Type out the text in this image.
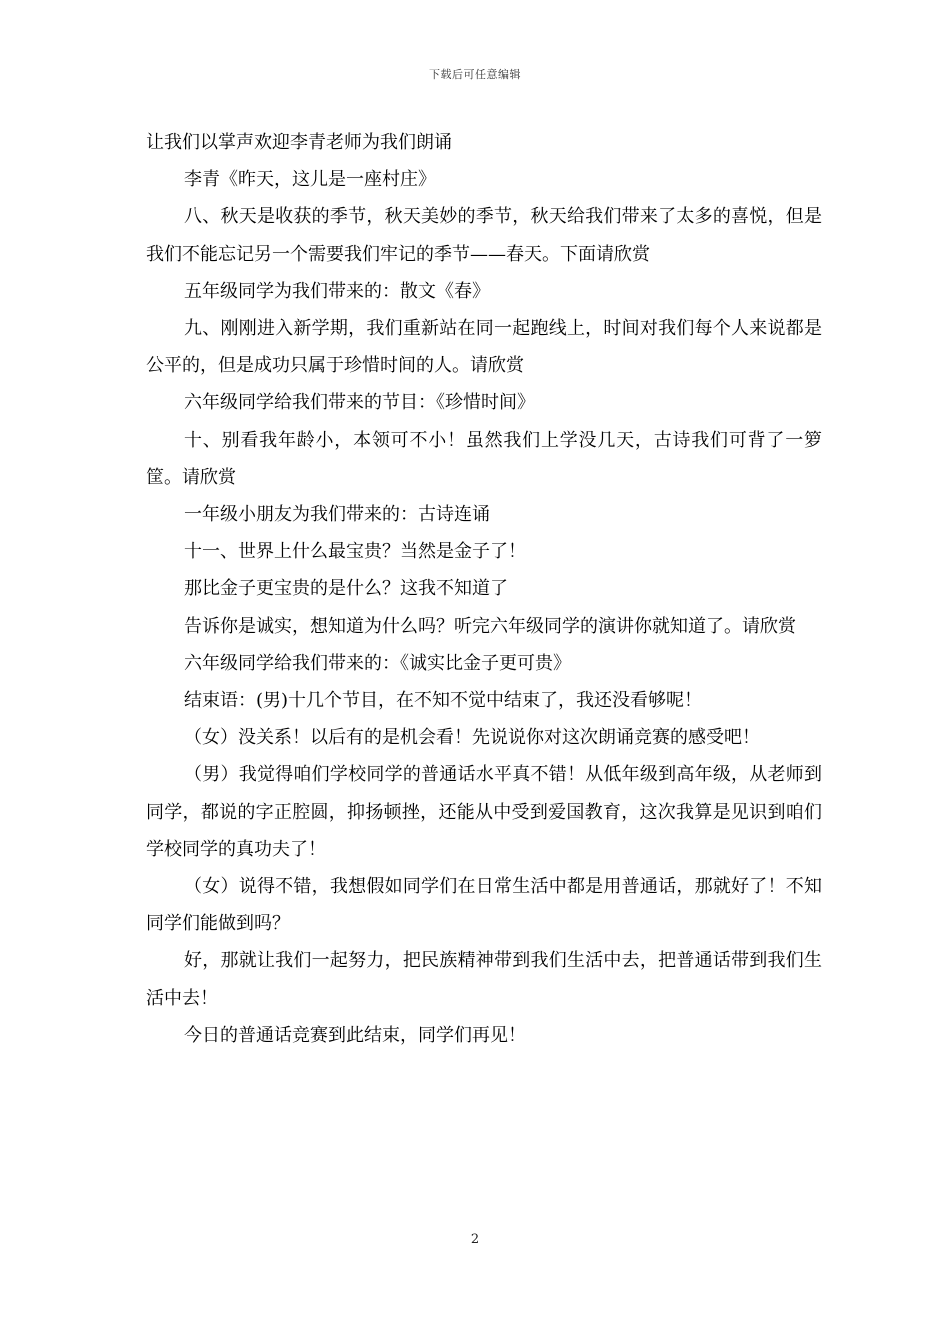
下载后可任意编辑

让我们以掌声欢迎李青老师为我们朗诵

李青《昨天，这儿是一座村庄》

八、秋天是收获的季节，秋天美妙的季节，秋天给我们带来了太多的喜悦，但是我们不能忘记另一个需要我们牢记的季节——春天。下面请欣赏

五年级同学为我们带来的：散文《春》

九、刚刚进入新学期，我们重新站在同一起跑线上，时间对我们每个人来说都是公平的，但是成功只属于珍惜时间的人。请欣赏

六年级同学给我们带来的节目：《珍惜时间》

十、别看我年龄小，本领可不小！虽然我们上学没几天，古诗我们可背了一箩筐。请欣赏

一年级小朋友为我们带来的：古诗连诵

十一、世界上什么最宝贵？当然是金子了！

那比金子更宝贵的是什么？这我不知道了

告诉你是诚实，想知道为什么吗？听完六年级同学的演讲你就知道了。请欣赏

六年级同学给我们带来的：《诚实比金子更可贵》

结束语：(男)十几个节目，在不知不觉中结束了，我还没看够呢！

（女）没关系！以后有的是机会看！先说说你对这次朗诵竞赛的感受吧！

（男）我觉得咱们学校同学的普通话水平真不错！从低年级到高年级，从老师到同学，都说的字正腔圆，抑扬顿挫，还能从中受到爱国教育，这次我算是见识到咱们学校同学的真功夫了！

（女）说得不错，我想假如同学们在日常生活中都是用普通话，那就好了！不知同学们能做到吗？

好，那就让我们一起努力，把民族精神带到我们生活中去，把普通话带到我们生活中去！

今日的普通话竞赛到此结束，同学们再见！

2
